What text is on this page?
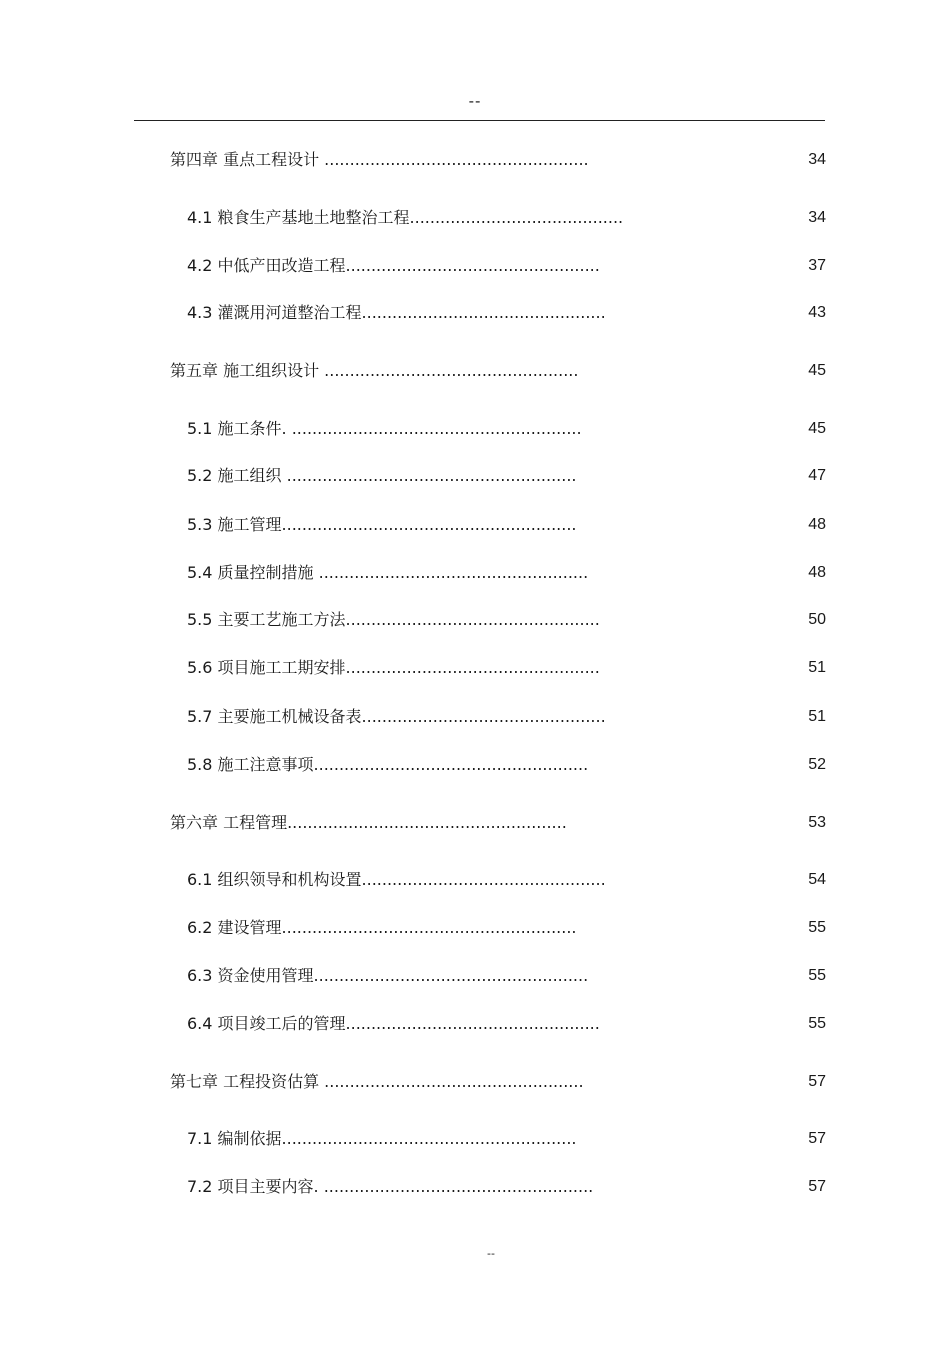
--
第四章 重点工程设计 ....................................................	34
4.1 粮食生产基地土地整治工程..........................................	34
4.2 中低产田改造工程..................................................	37
4.3 灌溉用河道整治工程................................................	43
第五章 施工组织设计 ..................................................	45
5.1 施工条件. .........................................................	45
5.2 施工组织 .........................................................	47
5.3 施工管理..........................................................	48
5.4 质量控制措施 .....................................................	48
5.5 主要工艺施工方法..................................................	50
5.6 项目施工工期安排..................................................	51
5.7 主要施工机械设备表................................................	51
5.8 施工注意事项......................................................	52
第六章 工程管理.......................................................	53
6.1 组织领导和机构设置................................................	54
6.2 建设管理..........................................................	55
6.3 资金使用管理......................................................	55
6.4 项目竣工后的管理..................................................	55
第七章 工程投资估算 ...................................................	57
7.1 编制依据..........................................................	57
7.2 项目主要内容. .....................................................	57
--
